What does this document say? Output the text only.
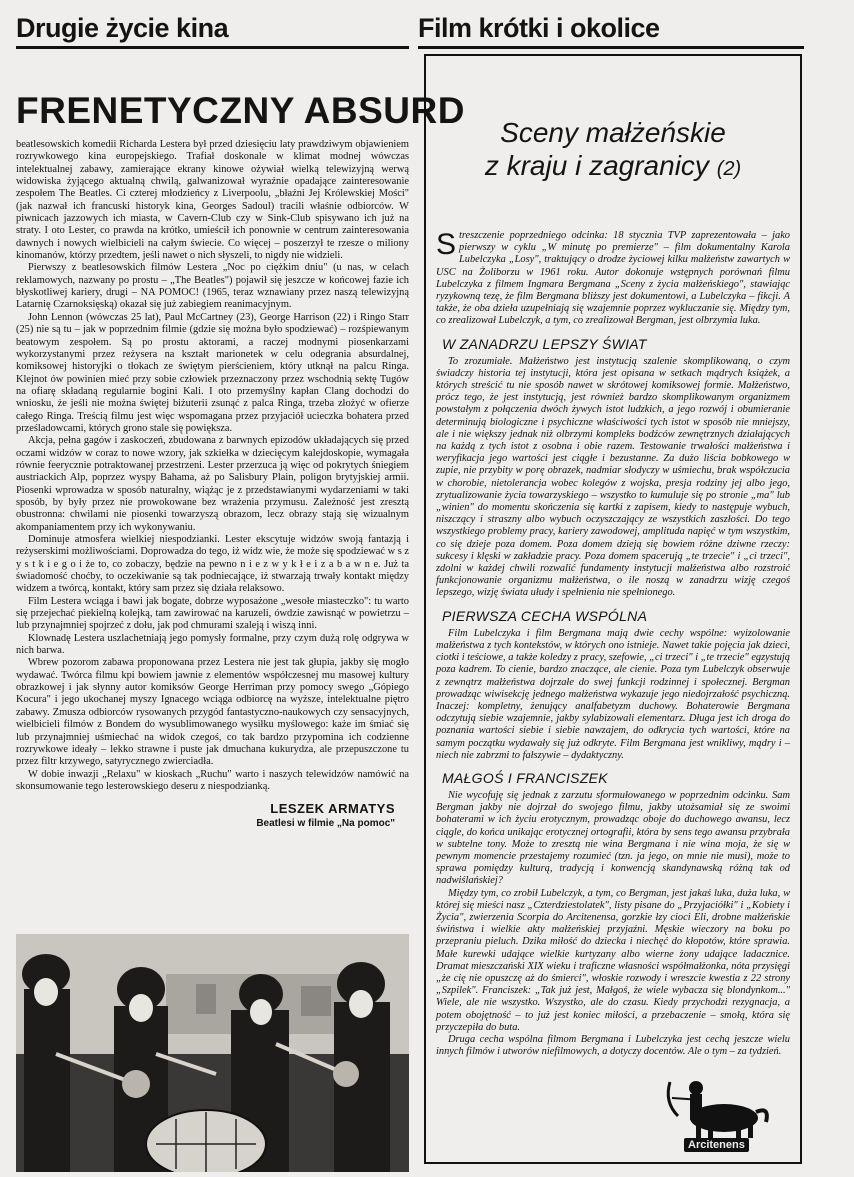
Drugie życie kina
FRENETYCZNY ABSURD

beatlesowskich komedii Richarda Lestera był przed dziesięciu laty prawdziwym objawieniem rozrywkowego kina europejskiego. Trafiał doskonale w klimat modnej wówczas intelektualnej zabawy, zamierające ekrany kinowe ożywiał wielką telewizyjną werwą widowiska żyjącego aktualną chwilą, galwanizował wyraźnie opadające zainteresowanie zespołem The Beatles. Ci czterej młodzieńcy z Liverpoolu, „błaźni Jej Królewskiej Mości" (jak nazwał ich francuski historyk kina, Georges Sadoul) tracili właśnie odbiorców. W piwnicach jazzowych ich miasta, w Cavern-Club czy w Sink-Club spisywano ich już na straty. I oto Lester, co prawda na krótko, umieścił ich ponownie w centrum zainteresowania dawnych i nowych wielbicieli na całym świecie. Co więcej – poszerzył te rzesze o miliony kinomanów, którzy przedtem, jeśli nawet o nich słyszeli, to nigdy nie widzieli.

Pierwszy z beatlesowskich filmów Lestera „Noc po ciężkim dniu" (u nas, w celach reklamowych, nazwany po prostu – „The Beatles") pojawił się jeszcze w końcowej fazie ich błyskotliwej kariery, drugi – NA POMOC! (1965, teraz wznawiany przez naszą telewizyjną Latarnię Czarnoksięską) okazał się już zabiegiem reanimacyjnym.

John Lennon (wówczas 25 lat), Paul McCartney (23), George Harrison (22) i Ringo Starr (25) nie są tu – jak w poprzednim filmie (gdzie się można było spodziewać) – rozśpiewanym beatowym zespołem. Są po prostu aktorami, a raczej modnymi piosenkarzami wykorzystanymi przez reżysera na kształt marionetek w celu odegrania absurdalnej, komiksowej historyjki o tłokach ze świętym pierścieniem, który utknął na palcu Ringa. Klejnot ów powinien mieć przy sobie człowiek przeznaczony przez wschodnią sektę Tugów na ofiarę składaną regularnie bogini Kali. I oto przemyślny kapłan Clang dochodzi do wniosku, że jeśli nie można świętej biżuterii zsunąć z palca Ringa, trzeba złożyć w ofierze całego Ringa. Treścią filmu jest więc wspomagana przez przyjaciół ucieczka bohatera przed prześladowcami, których grono stale się powiększa.

Akcja, pełna gagów i zaskoczeń, zbudowana z barwnych epizodów układających się przed oczami widzów w coraz to nowe wzory, jak szkiełka w dziecięcym kalejdoskopie, wymagała równie feerycznie potraktowanej przestrzeni. Lester przerzuca ją więc od pokrytych śniegiem austriackich Alp, poprzez wyspy Bahama, aż po Salisbury Plain, poligon brytyjskiej armii. Piosenki wprowadza w sposób naturalny, wiążąc je z przedstawianymi wydarzeniami w taki sposób, by były przez nie prowokowane bez wrażenia przymusu. Zależność jest zresztą obustronna: chwilami nie piosenki towarzyszą obrazom, lecz obrazy stają się wizualnym akompaniamentem przy ich wykonywaniu.

Dominuje atmosfera wielkiej niespodzianki. Lester ekscytuje widzów swoją fantazją i reżyserskimi możliwościami. Doprowadza do tego, iż widz wie, że może się spodziewać w s z y s t k i e g o i że to, co zobaczy, będzie na pewno n i e z w y k ł e i z a b a w n e. Już ta świadomość choćby, to oczekiwanie są tak podniecające, iż stwarzają trwały kontakt między widzem a twórcą, kontakt, który sam przez się działa relaksowo.

Film Lestera wciąga i bawi jak bogate, dobrze wyposażone „wesołe miasteczko": tu warto się przejechać piekielną kolejką, tam zawirować na karuzeli, ówdzie zawisnąć w powietrzu – lub przynajmniej spojrzeć z dołu, jak pod chmurami szaleją i wiszą inni.

Klownadę Lestera uszlachetniają jego pomysły formalne, przy czym dużą rolę odgrywa w nich barwa.

Wbrew pozorom zabawa proponowana przez Lestera nie jest tak głupia, jakby się mogło wydawać. Twórca filmu kpi bowiem jawnie z elementów współczesnej mu masowej kultury obrazkowej i jak słynny autor komiksów George Herriman przy pomocy swego „Gópiego Kocura" i jego ukochanej myszy Ignacego wciąga odbiorcę na wyższe, intelektualne piętro zabawy. Zmusza odbiorców rysowanych przygód fantastyczno-naukowych czy sensacyjnych, wielbicieli filmów z Bondem do wysublimowanego wysiłku myślowego: każe im śmiać się lub przynajmniej uśmiechać na widok czegoś, co tak bardzo przypomina ich codzienne rozrywkowe ideały – lekko strawne i puste jak dmuchana kukurydza, ale przepuszczone tu przez filtr krzywego, satyrycznego zwierciadła.

W dobie inwazji „Relaxu" w kioskach „Ruchu" warto i naszych telewidzów namówić na skonsumowanie tego lesterowskiego deseru z niespodzianką.

LESZEK ARMATYS
Beatlesi w filmie „Na pomoc"
Film krótki i okolice
Sceny małżeńskie
z kraju i zagranicy (2)

Streszczenie poprzedniego odcinka: 18 stycznia TVP zaprezentowała – jako pierwszy w cyklu „W minutę po premierze" – film dokumentalny Karola Lubelczyka „Losy", traktujący o drodze życiowej kilku małżeństw zawartych w USC na Żoliborzu w 1961 roku. Autor dokonuje wstępnych porównań filmu Lubelczyka z filmem Ingmara Bergmana „Sceny z życia małżeńskiego", stawiając ryzykowną tezę, że film Bergmana bliższy jest dokumentowi, a Lubelczyka – fikcji. A także, że oba dzieła uzupełniają się wzajemnie poprzez wykluczanie się. Między tym, co zrealizował Lubelczyk, a tym, co zrealizował Bergman, jest olbrzymia luka.

W ZANADRZU LEPSZY ŚWIAT

To zrozumiałe. Małżeństwo jest instytucją szalenie skomplikowaną, o czym świadczy historia tej instytucji, która jest opisana w setkach mądrych książek, a których streścić tu nie sposób nawet w skrótowej komiksowej formie. Małżeństwo, prócz tego, że jest instytucją, jest również bardzo skomplikowanym organizmem powstałym z połączenia dwóch żywych istot ludzkich, a jego rozwój i obumieranie determinują biologiczne i psychiczne właściwości tych istot w sposób nie mniejszy, ale i nie większy jednak niż olbrzymi kompleks bodźców zewnętrznych działających na każdą z tych istot z osobna i obie razem. Testowanie trwałości małżeństwa i weryfikacja jego wartości jest ciągłe i bezustanne. Za dużo liścia bobkowego w zupie, nie przybity w porę obrazek, nadmiar słodyczy w uśmiechu, brak współczucia w chorobie, nietolerancja wobec kolegów z wojska, presja rodziny jej albo jego, zrytualizowanie życia towarzyskiego – wszystko to kumuluje się po stronie „ma" lub „winien" do momentu skończenia się kartki z zapisem, kiedy to następuje wybuch, niszczący i straszny albo wybuch oczyszczający ze wszystkich zaszłości. Do tego wszystkiego problemy pracy, kariery zawodowej, amplituda napięć w tym wszystkim, co się dzieje poza domem. Poza domem dzieją się bowiem różne dziwne rzeczy: sukcesy i klęski w zakładzie pracy. Poza domem spacerują „te trzecie" i „ci trzeci", zdolni w każdej chwili rozwalić fundamenty instytucji małżeństwa albo rozstroić funkcjonowanie organizmu małżeństwa, o ile noszą w zanadrzu wizję czegoś lepszego, wizję świata ułudy i spełnienia nie spełnionego.

PIERWSZA CECHA WSPÓLNA

Film Lubelczyka i film Bergmana mają dwie cechy wspólne: wyizolowanie małżeństwa z tych kontekstów, w których ono istnieje. Nawet takie pojęcia jak dzieci, ciotki i teściowe, a także koledzy z pracy, szefowie, „ci trzeci" i „te trzecie" egzystują poza kadrem. To cienie, bardzo znaczące, ale cienie. Poza tym Lubelczyk obserwuje z zewnątrz małżeństwa dojrzałe do swej funkcji rodzinnej i społecznej. Bergman prowadząc wiwisekcję jednego małżeństwa wykazuje jego niedojrzałość psychiczną. Inaczej: kompletny, żenujący analfabetyzm duchowy. Bohaterowie Bergmana odczytują siebie wzajemnie, jakby sylabizowali elementarz. Długa jest ich droga do poznania wartości siebie i siebie nawzajem, do odkrycia tych wartości, które na samym początku wydawały się już odkryte. Film Bergmana jest wnikliwy, mądry i – niech nie zabrzmi to fałszywie – dydaktyczny.

MAŁGOŚ I FRANCISZEK

Nie wycofuję się jednak z zarzutu sformułowanego w poprzednim odcinku. Sam Bergman jakby nie dojrzał do swojego filmu, jakby utożsamiał się ze swoimi bohaterami w ich życiu erotycznym, prowadząc oboje do duchowego awansu, lecz ciągle, do końca unikając erotycznej ortografii, która by sens tego awansu przybrała w subtelne tony. Może to zresztą nie wina Bergmana i nie wina moja, że się w pewnym momencie przestajemy rozumieć (tzn. ja jego, on mnie nie musi), może to sprawa pomiędzy kulturą, tradycją i konwencją skandynawską różną tak od nadwiślańskiej?

Między tym, co zrobił Lubelczyk, a tym, co Bergman, jest jakaś luka, duża luka, w której się mieści nasz „Czterdziestolatek", listy pisane do „Przyjaciółki" i „Kobiety i Życia", zwierzenia Scorpia do Arcitenensa, gorzkie łzy cioci Eli, drobne małżeńskie świństwa i wielkie akty małżeńskiej przyjaźni. Męskie wieczory na boku po przepraniu pieluch. Dzika miłość do dziecka i niechęć do kłopotów, które sprawia. Małe kurewki udające wielkie kurtyzany albo wierne żony udające ladacznice. Dramat mieszczański XIX wieku i traficzne własności współmałżonka, nóta przysięgi „że cię nie opuszczę aż do śmierci", włoskie rozwody i wreszcie kwestia z 22 strony „Szpilek". Franciszek: „Tak już jest, Małgoś, że wiele wybacza się blondynkom..." Wiele, ale nie wszystko. Wszystko, ale do czasu. Kiedy przychodzi rezygnacja, a potem obojętność – to już jest koniec miłości, a przebaczenie – smołą, która się przyczepiła do buta.

Druga cecha wspólna filmom Bergmana i Lubelczyka jest cechą jeszcze wielu innych filmów i utworów niefilmowych, a dotyczy docentów. Ale o tym – za tydzień.

Arcitenens
